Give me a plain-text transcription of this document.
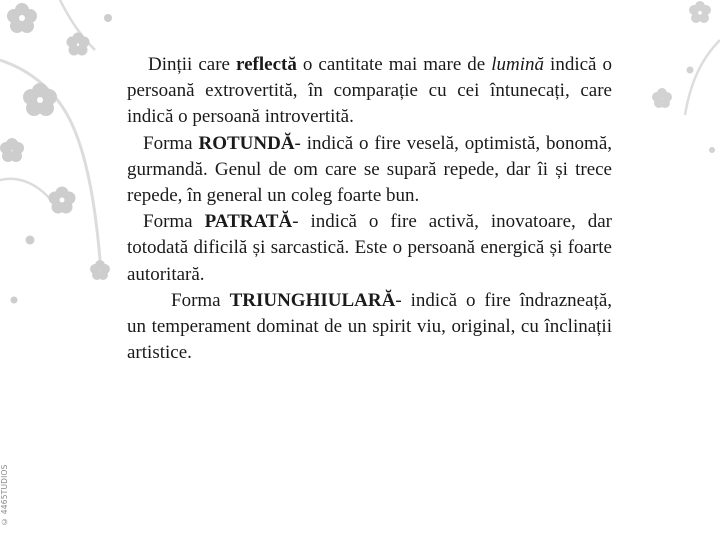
Dinții care reflectă o cantitate mai mare de lumină indică o persoană extrovertită, în comparație cu cei întunecați, care indică o persoană introvertită.

Forma ROTUNDĂ- indică o fire veselă, optimistă, bonomă, gurmandă. Genul de om care se supară repede, dar îi și trece repede, în general un coleg foarte bun.

Forma PATRATĂ- indică o fire activă, inovatoare, dar totodată dificilă și sarcastică. Este o persoană energică și foarte autoritară.

Forma TRIUNGHIULARĂ- indică o fire îndrazneață, un temperament dominat de un spirit viu, original, cu înclinații artistice.

© 4465TUDIOS
